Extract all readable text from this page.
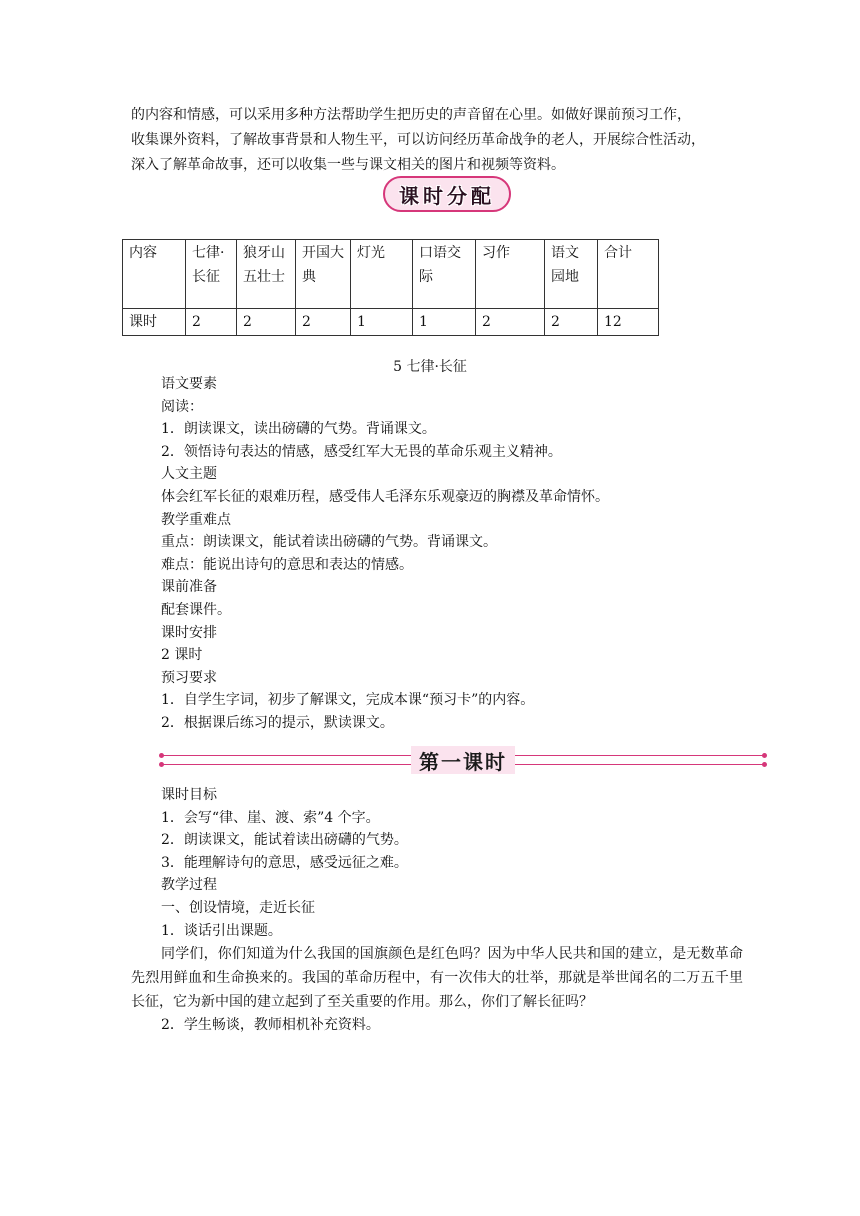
的内容和情感，可以采用多种方法帮助学生把历史的声音留在心里。如做好课前预习工作，

收集课外资料，了解故事背景和人物生平，可以访问经历革命战争的老人，开展综合性活动，

深入了解革命故事，还可以收集一些与课文相关的图片和视频等资料。

课时分配
内容	七律·长征	狼牙山五壮士	开国大典	灯光	口语交际	习作	语文园地	合计
课时	2	2	2	1	1	2	2	12
5 七律·长征
语文要素
阅读：
1．朗读课文，读出磅礴的气势。背诵课文。
2．领悟诗句表达的情感，感受红军大无畏的革命乐观主义精神。
人文主题
体会红军长征的艰难历程，感受伟人毛泽东乐观豪迈的胸襟及革命情怀。
教学重难点
重点：朗读课文，能试着读出磅礴的气势。背诵课文。
难点：能说出诗句的意思和表达的情感。
课前准备
配套课件。
课时安排
2 课时
预习要求
1．自学生字词，初步了解课文，完成本课“预习卡”的内容。
2．根据课后练习的提示，默读课文。
第一课时
课时目标
1．会写“律、崖、渡、索”4 个字。
2．朗读课文，能试着读出磅礴的气势。
3．能理解诗句的意思，感受远征之难。
教学过程
一、创设情境，走近长征
1．谈话引出课题。
同学们，你们知道为什么我国的国旗颜色是红色吗？因为中华人民共和国的建立，是无数革命先烈用鲜血和生命换来的。我国的革命历程中，有一次伟大的壮举，那就是举世闻名的二万五千里长征，它为新中国的建立起到了至关重要的作用。那么，你们了解长征吗？
2．学生畅谈，教师相机补充资料。
